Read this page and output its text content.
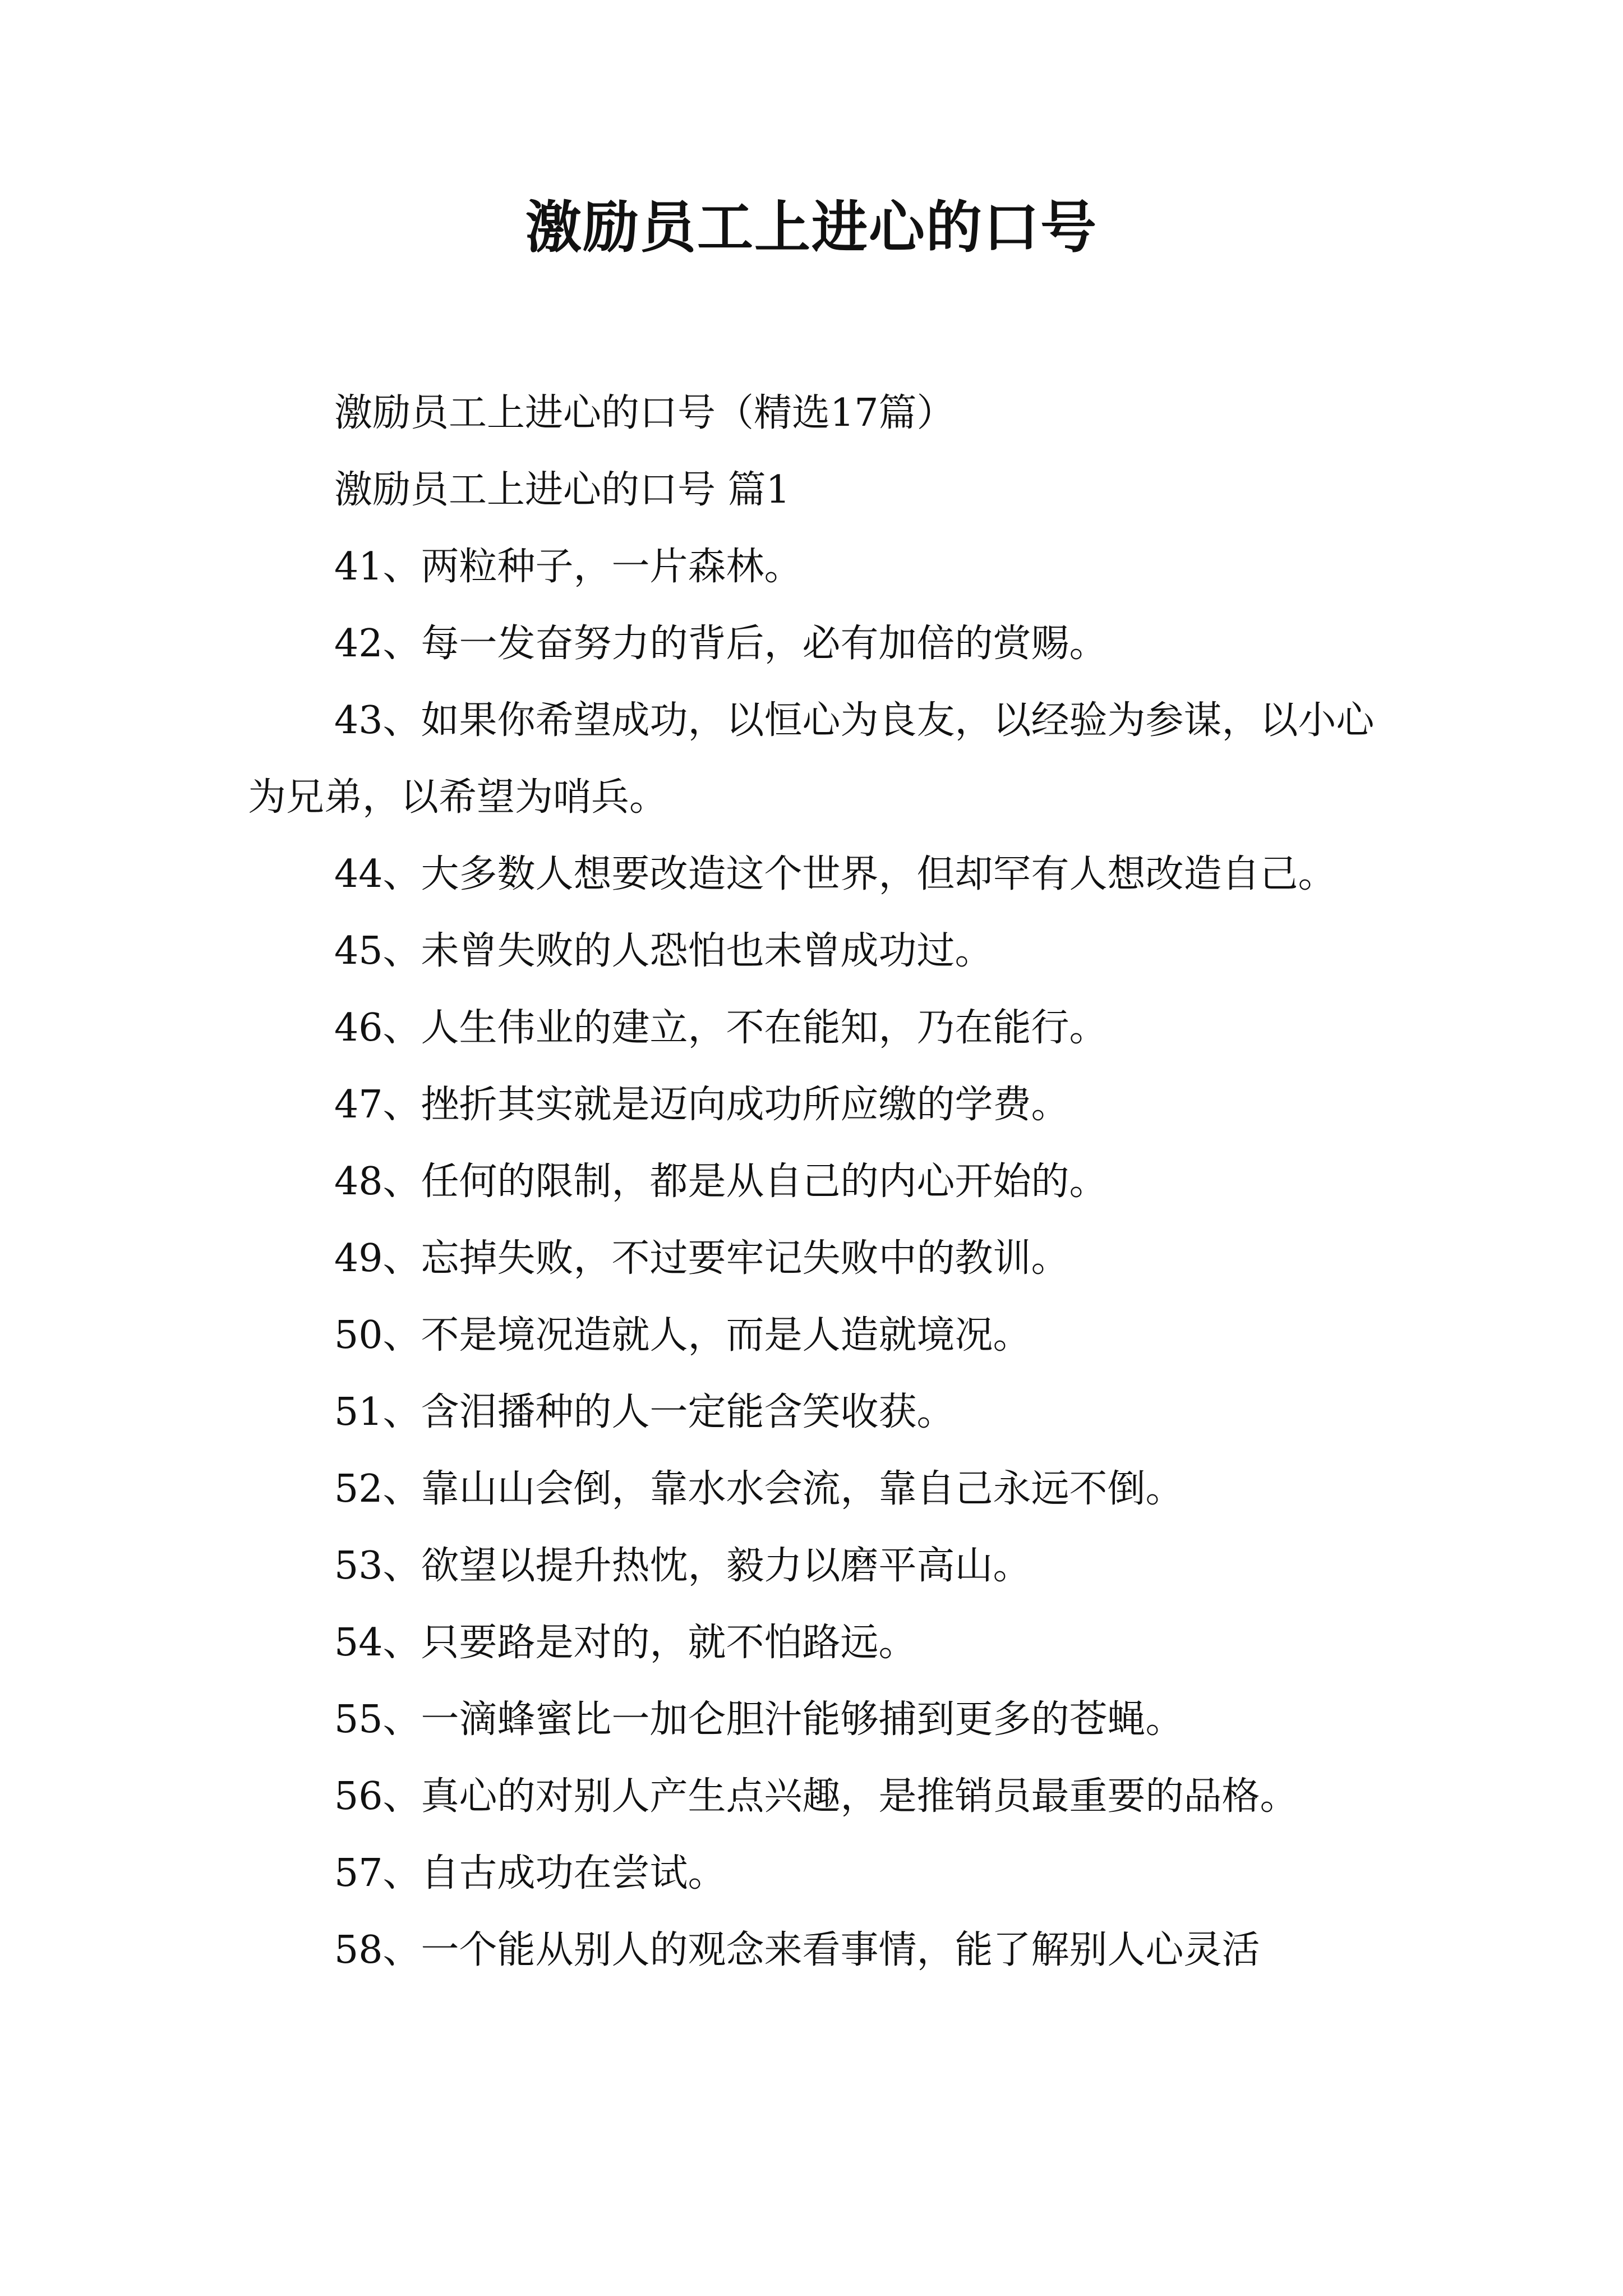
激励员工上进心的口号

激励员工上进心的口号（精选17篇）

激励员工上进心的口号 篇1

41、两粒种子，一片森林。

42、每一发奋努力的背后，必有加倍的赏赐。

43、如果你希望成功，以恒心为良友，以经验为参谋，以小心为兄弟，以希望为哨兵。

44、大多数人想要改造这个世界，但却罕有人想改造自己。

45、未曾失败的人恐怕也未曾成功过。

46、人生伟业的建立，不在能知，乃在能行。

47、挫折其实就是迈向成功所应缴的学费。

48、任何的限制，都是从自己的内心开始的。

49、忘掉失败，不过要牢记失败中的教训。

50、不是境况造就人，而是人造就境况。

51、含泪播种的人一定能含笑收获。

52、靠山山会倒，靠水水会流，靠自己永远不倒。

53、欲望以提升热忱，毅力以磨平高山。

54、只要路是对的，就不怕路远。

55、一滴蜂蜜比一加仑胆汁能够捕到更多的苍蝇。

56、真心的对别人产生点兴趣，是推销员最重要的品格。

57、自古成功在尝试。

58、一个能从别人的观念来看事情，能了解别人心灵活
